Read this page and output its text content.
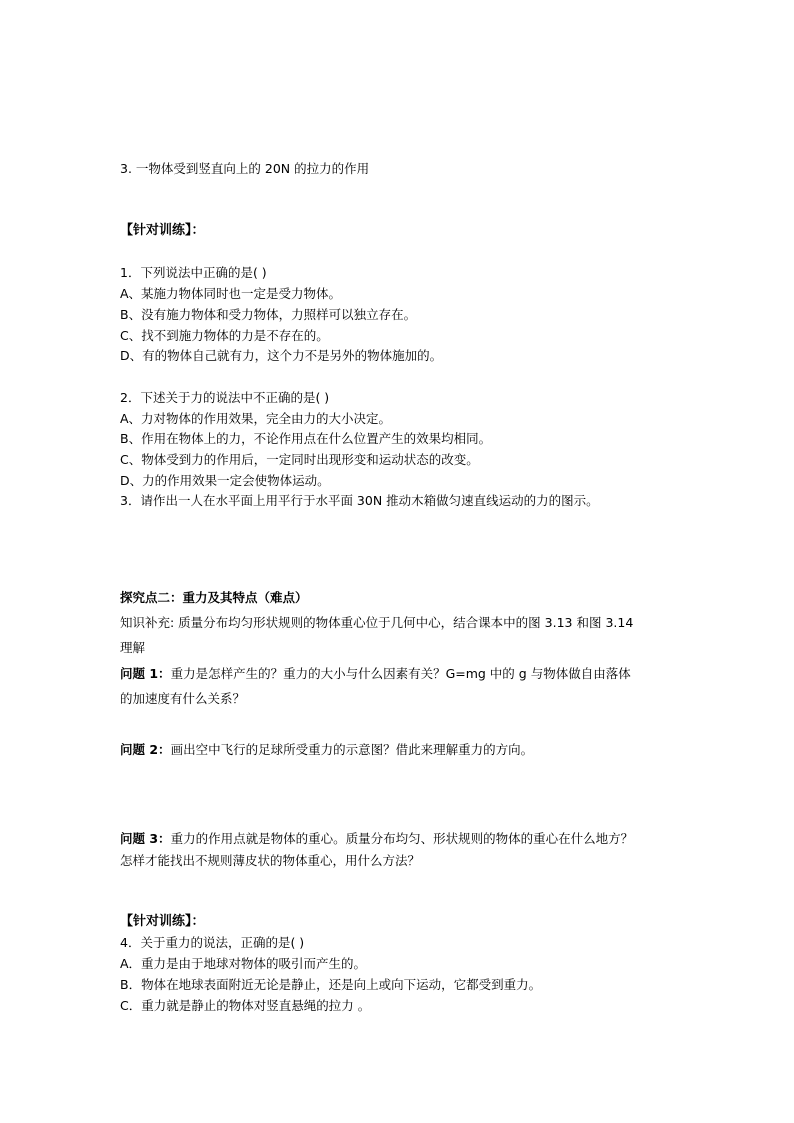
3. 一物体受到竖直向上的 20N 的拉力的作用
【针对训练】：
1．下列说法中正确的是( )
A、某施力物体同时也一定是受力物体。
B、没有施力物体和受力物体，力照样可以独立存在。
C、找不到施力物体的力是不存在的。
D、有的物体自己就有力，这个力不是另外的物体施加的。
2．下述关于力的说法中不正确的是( )
A、力对物体的作用效果，完全由力的大小决定。
B、作用在物体上的力，不论作用点在什么位置产生的效果均相同。
C、物体受到力的作用后，一定同时出现形变和运动状态的改变。
D、力的作用效果一定会使物体运动。
3．请作出一人在水平面上用平行于水平面 30N 推动木箱做匀速直线运动的力的图示。
探究点二：重力及其特点（难点）
知识补充: 质量分布均匀形状规则的物体重心位于几何中心，结合课本中的图 3.13 和图 3.14
理解
问题 1：重力是怎样产生的？重力的大小与什么因素有关？G=mg 中的 g 与物体做自由落体
的加速度有什么关系？
问题 2：画出空中飞行的足球所受重力的示意图？借此来理解重力的方向。
问题 3：重力的作用点就是物体的重心。质量分布均匀、形状规则的物体的重心在什么地方？
怎样才能找出不规则薄皮状的物体重心，用什么方法？
【针对训练】：
4．关于重力的说法，正确的是( )
A．重力是由于地球对物体的吸引而产生的。
B．物体在地球表面附近无论是静止，还是向上或向下运动，它都受到重力。
C．重力就是静止的物体对竖直悬绳的拉力 。
